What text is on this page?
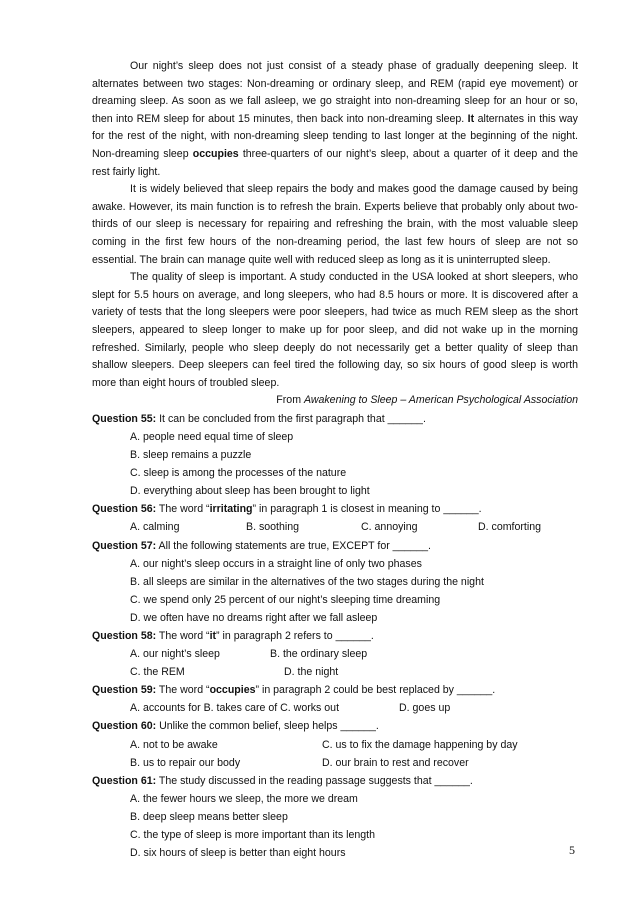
Our night’s sleep does not just consist of a steady phase of gradually deepening sleep. It alternates between two stages: Non-dreaming or ordinary sleep, and REM (rapid eye movement) or dreaming sleep. As soon as we fall asleep, we go straight into non-dreaming sleep for an hour or so, then into REM sleep for about 15 minutes, then back into non-dreaming sleep. It alternates in this way for the rest of the night, with non-dreaming sleep tending to last longer at the beginning of the night. Non-dreaming sleep occupies three-quarters of our night’s sleep, about a quarter of it deep and the rest fairly light.

It is widely believed that sleep repairs the body and makes good the damage caused by being awake. However, its main function is to refresh the brain. Experts believe that probably only about two-thirds of our sleep is necessary for repairing and refreshing the brain, with the most valuable sleep coming in the first few hours of the non-dreaming period, the last few hours of sleep are not so essential. The brain can manage quite well with reduced sleep as long as it is uninterrupted sleep.

The quality of sleep is important. A study conducted in the USA looked at short sleepers, who slept for 5.5 hours on average, and long sleepers, who had 8.5 hours or more. It is discovered after a variety of tests that the long sleepers were poor sleepers, had twice as much REM sleep as the short sleepers, appeared to sleep longer to make up for poor sleep, and did not wake up in the morning refreshed. Similarly, people who sleep deeply do not necessarily get a better quality of sleep than shallow sleepers. Deep sleepers can feel tired the following day, so six hours of good sleep is worth more than eight hours of troubled sleep.

From Awakening to Sleep – American Psychological Association

Question 55: It can be concluded from the first paragraph that ______.

A. people need equal time of sleep

B. sleep remains a puzzle

C. sleep is among the processes of the nature

D. everything about sleep has been brought to light

Question 56: The word “irritating” in paragraph 1 is closest in meaning to ______.

A. calming	B. soothing	C. annoying	D. comforting

Question 57: All the following statements are true, EXCEPT for ______.

A. our night’s sleep occurs in a straight line of only two phases

B. all sleeps are similar in the alternatives of the two stages during the night

C. we spend only 25 percent of our night’s sleeping time dreaming

D. we often have no dreams right after we fall asleep

Question 58: The word “it” in paragraph 2 refers to ______.

A. our night’s sleep	B. the ordinary sleep
C. the REM	D. the night

Question 59: The word “occupies” in paragraph 2 could be best replaced by ______.

A. accounts for B. takes care of C. works out	D. goes up

Question 60: Unlike the common belief, sleep helps ______.

A. not to be awake	C. us to fix the damage happening by day
B. us to repair our body	D. our brain to rest and recover

Question 61: The study discussed in the reading passage suggests that ______.

A. the fewer hours we sleep, the more we dream

B. deep sleep means better sleep

C. the type of sleep is more important than its length

D. six hours of sleep is better than eight hours	5
